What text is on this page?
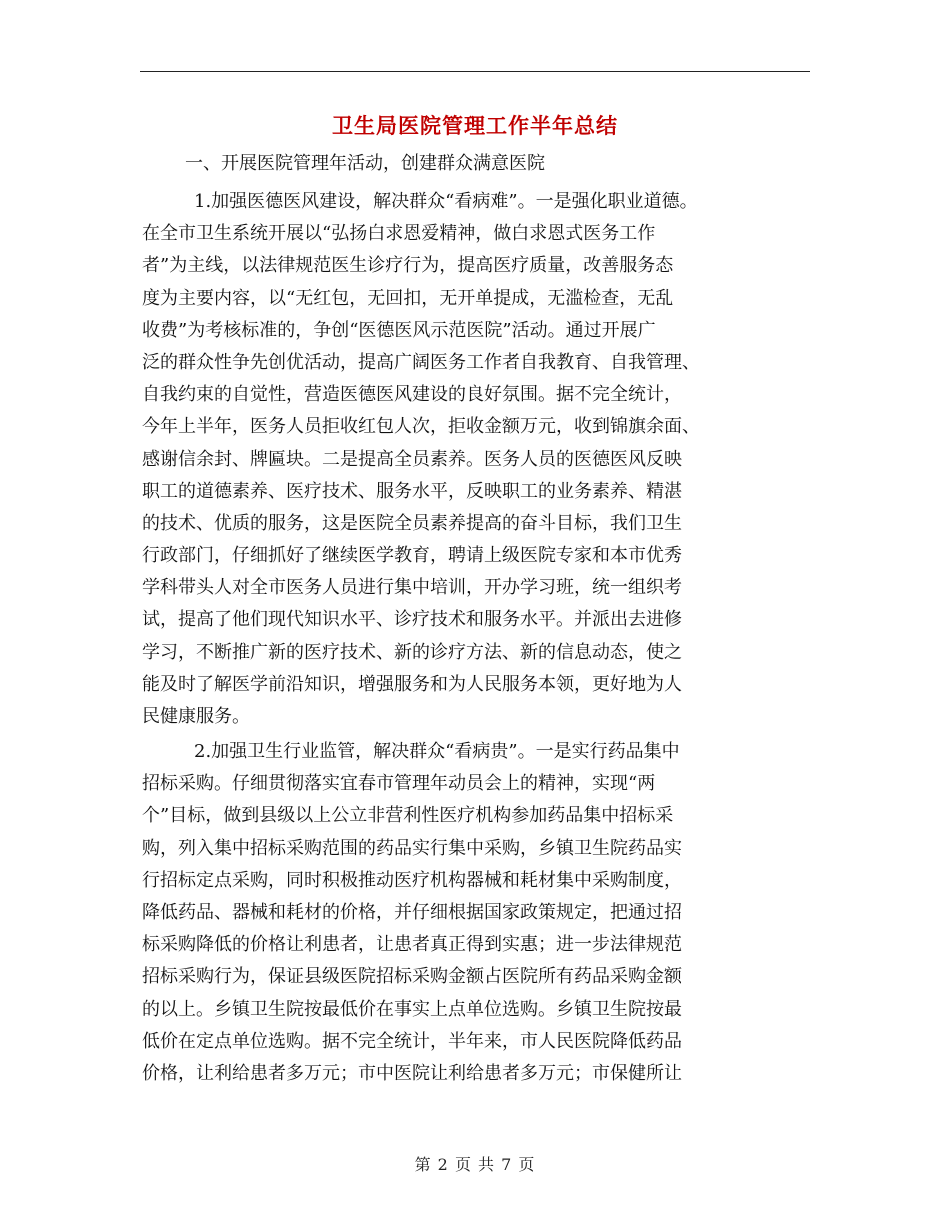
卫生局医院管理工作半年总结
一、开展医院管理年活动，创建群众满意医院
1.加强医德医风建设，解决群众“看病难”。一是强化职业道德。
在全市卫生系统开展以“弘扬白求恩爱精神，做白求恩式医务工作
者”为主线，以法律规范医生诊疗行为，提高医疗质量，改善服务态
度为主要内容，以“无红包，无回扣，无开单提成，无滥检查，无乱
收费”为考核标准的，争创“医德医风示范医院”活动。通过开展广
泛的群众性争先创优活动，提高广阔医务工作者自我教育、自我管理、
自我约束的自觉性，营造医德医风建设的良好氛围。据不完全统计，
今年上半年，医务人员拒收红包人次，拒收金额万元，收到锦旗余面、
感谢信余封、牌匾块。二是提高全员素养。医务人员的医德医风反映
职工的道德素养、医疗技术、服务水平，反映职工的业务素养、精湛
的技术、优质的服务，这是医院全员素养提高的奋斗目标，我们卫生
行政部门，仔细抓好了继续医学教育，聘请上级医院专家和本市优秀
学科带头人对全市医务人员进行集中培训，开办学习班，统一组织考
试，提高了他们现代知识水平、诊疗技术和服务水平。并派出去进修
学习，不断推广新的医疗技术、新的诊疗方法、新的信息动态，使之
能及时了解医学前沿知识，增强服务和为人民服务本领，更好地为人
民健康服务。
2.加强卫生行业监管，解决群众“看病贵”。一是实行药品集中
招标采购。仔细贯彻落实宜春市管理年动员会上的精神，实现“两
个”目标，做到县级以上公立非营利性医疗机构参加药品集中招标采
购，列入集中招标采购范围的药品实行集中采购，乡镇卫生院药品实
行招标定点采购，同时积极推动医疗机构器械和耗材集中采购制度，
降低药品、器械和耗材的价格，并仔细根据国家政策规定，把通过招
标采购降低的价格让利患者，让患者真正得到实惠；进一步法律规范
招标采购行为，保证县级医院招标采购金额占医院所有药品采购金额
的以上。乡镇卫生院按最低价在事实上点单位选购。乡镇卫生院按最
低价在定点单位选购。据不完全统计，半年来，市人民医院降低药品
价格，让利给患者多万元；市中医院让利给患者多万元；市保健所让
第 2 页 共 7 页
